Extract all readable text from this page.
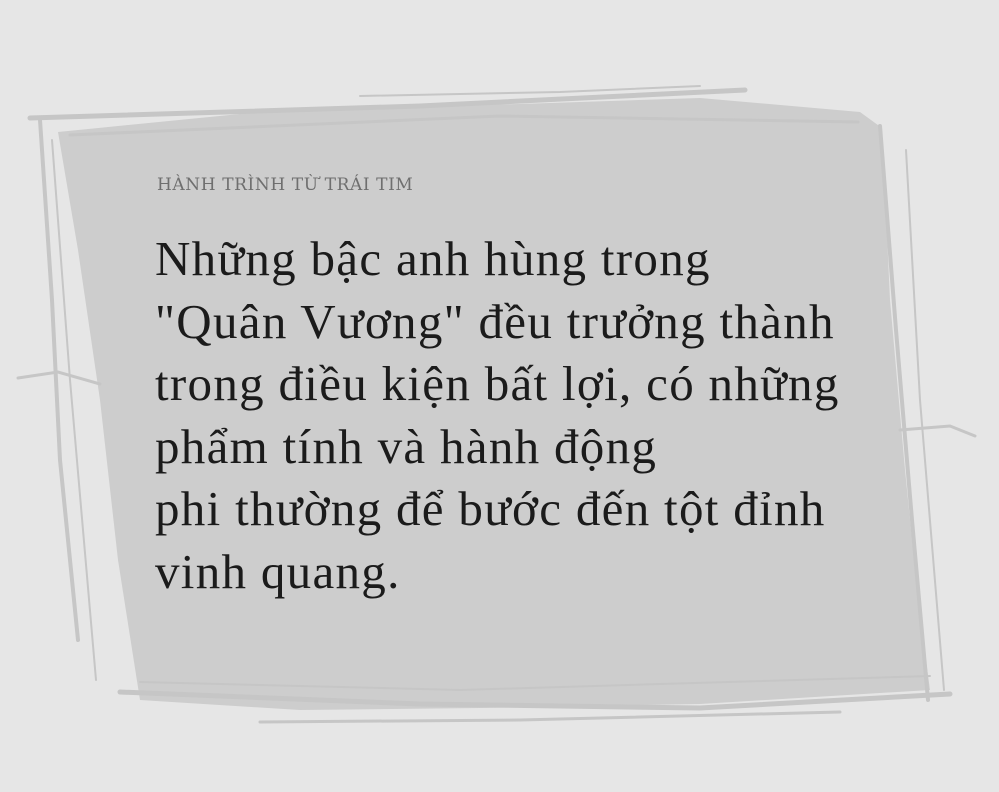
HÀNH TRÌNH TỪ TRÁI TIM

Những bậc anh hùng trong
"Quân Vương" đều trưởng thành
trong điều kiện bất lợi, có những
phẩm tính và hành động
phi thường để bước đến tột đỉnh
vinh quang.
